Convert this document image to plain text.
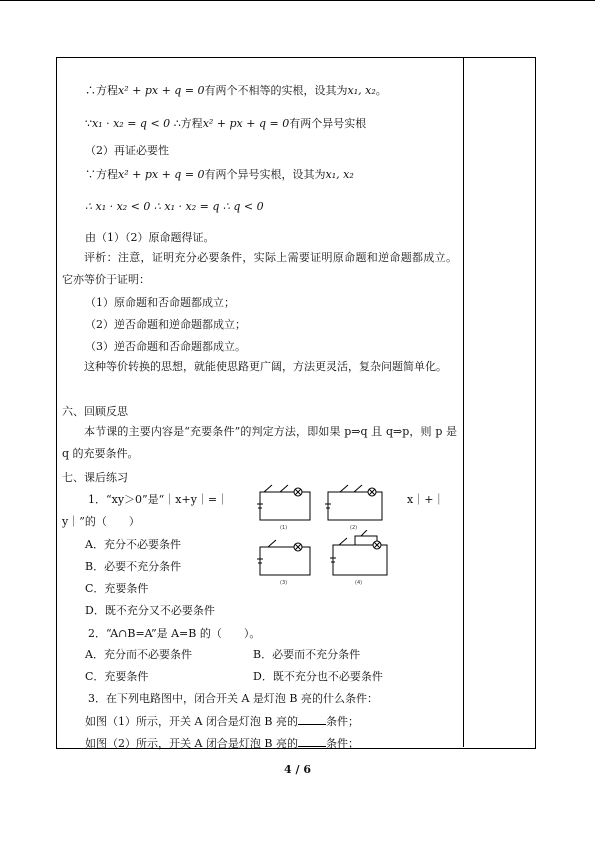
∴方程x² + px + q = 0有两个不相等的实根，设其为x₁, x₂。
∵x₁ · x₂ = q < 0 ∴方程x² + px + q = 0有两个异号实根
（2）再证必要性
∵方程x² + px + q = 0有两个异号实根，设其为x₁, x₂
∴ x₁ · x₂ < 0 ∴ x₁ · x₂ = q ∴ q < 0
由（1）（2）原命题得证。
评析：注意，证明充分必要条件，实际上需要证明原命题和逆命题都成立。它亦等价于证明：
（1）原命题和否命题都成立；
（2）逆否命题和逆命题都成立；
（3）逆否命题和否命题都成立。
这种等价转换的思想，就能使思路更广阔，方法更灵活，复杂问题简单化。
六、回顾反思
本节课的主要内容是“充要条件”的判定方法，即如果 p⇒q 且 q⇒p，则 p 是 q 的充要条件。
七、课后练习
1．“xy＞0”是“｜x+y｜=｜	x｜+｜
y｜”的（　　）
A．充分不必要条件
B．必要不充分条件
C．充要条件
D．既不充分又不必要条件
2．“A∩B=A”是 A=B 的（　　）。
A．充分而不必要条件	B．必要而不充分条件
C．充要条件	D．既不充分也不必要条件
3．在下列电路图中，闭合开关 A 是灯泡 B 亮的什么条件：
如图（1）所示，开关 A 闭合是灯泡 B 亮的	条件；
如图（2）所示，开关 A 闭合是灯泡 B 亮的	条件；
(1)	(2)
(3)	(4)
4 / 6
